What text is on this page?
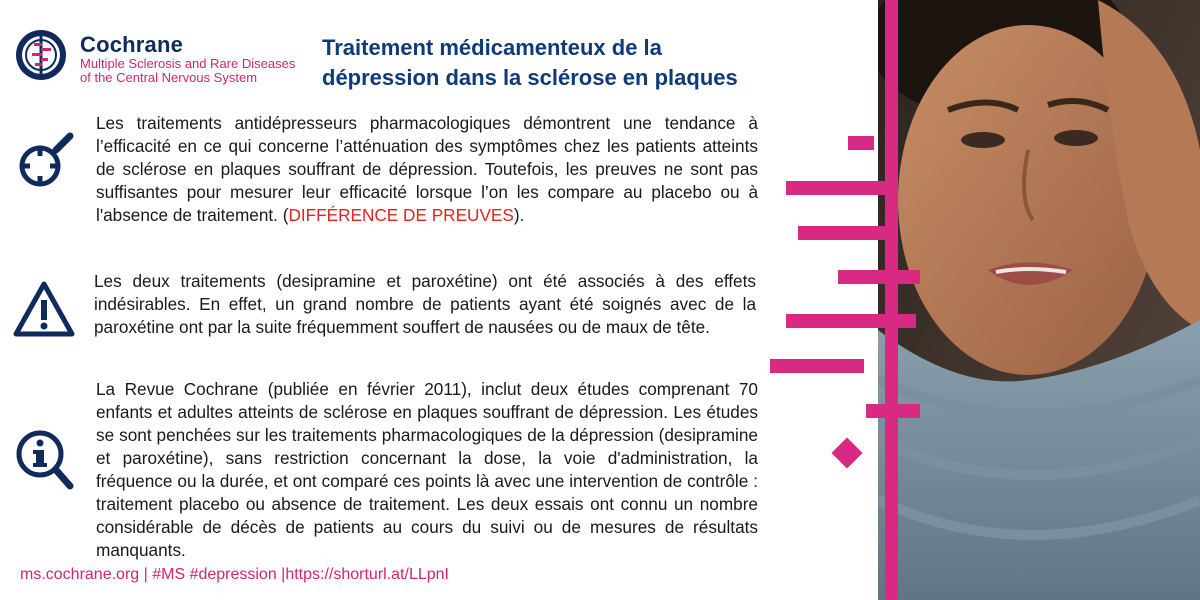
Cochrane
Multiple Sclerosis and Rare Diseases
of the Central Nervous System
Traitement médicamenteux de la
dépression dans la sclérose en plaques

Les traitements antidépresseurs pharmacologiques démontrent une tendance à l’efficacité en ce qui concerne l’atténuation des symptômes chez les patients atteints de sclérose en plaques souffrant de dépression. Toutefois, les preuves ne sont pas suffisantes pour mesurer leur efficacité lorsque l’on les compare au placebo ou à l'absence de traitement. (DIFFÉRENCE DE PREUVES).

Les deux traitements (desipramine et paroxétine) ont été associés à des effets indésirables. En effet, un grand nombre de patients ayant été soignés avec de la paroxétine ont par la suite fréquemment souffert de nausées ou de maux de tête.

La Revue Cochrane (publiée en février 2011), inclut deux études comprenant 70 enfants et adultes atteints de sclérose en plaques souffrant de dépression. Les études se sont penchées sur les traitements pharmacologiques de la dépression (desipramine et paroxétine), sans restriction concernant la dose, la voie d'administration, la fréquence ou la durée, et ont comparé ces points là avec une intervention de contrôle : traitement placebo ou absence de traitement. Les deux essais ont connu un nombre considérable de décès de patients au cours du suivi ou de mesures de résultats manquants.

ms.cochrane.org | #MS #depression |https://shorturl.at/LLpnI
